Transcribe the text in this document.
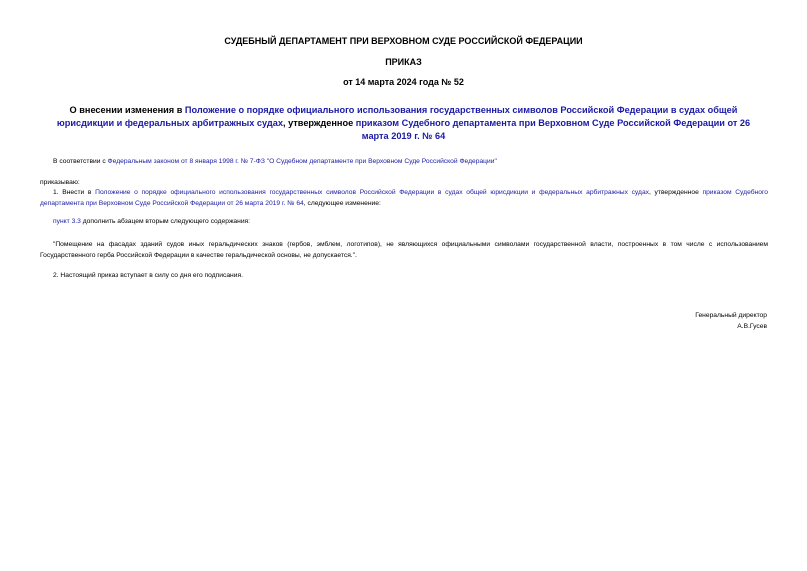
СУДЕБНЫЙ ДЕПАРТАМЕНТ ПРИ ВЕРХОВНОМ СУДЕ РОССИЙСКОЙ ФЕДЕРАЦИИ
ПРИКАЗ
от 14 марта 2024 года № 52
О внесении изменения в Положение о порядке официального использования государственных символов Российской Федерации в судах общей юрисдикции и федеральных арбитражных судах, утвержденное приказом Судебного департамента при Верховном Суде Российской Федерации от 26 марта 2019 г. № 64
В соответствии с Федеральным законом от 8 января 1998 г. № 7-ФЗ "О Судебном департаменте при Верховном Суде Российской Федерации"
приказываю:
1. Внести в Положение о порядке официального использования государственных символов Российской Федерации в судах общей юрисдикции и федеральных арбитражных судах, утвержденное приказом Судебного департамента при Верховном Суде Российской Федерации от 26 марта 2019 г. № 64, следующее изменение:
пункт 3.3 дополнить абзацем вторым следующего содержания:
"Помещение на фасадах зданий судов иных геральдических знаков (гербов, эмблем, логотипов), не являющихся официальными символами государственной власти, построенных в том числе с использованием Государственного герба Российской Федерации в качестве геральдической основы, не допускается.".
2. Настоящий приказ вступает в силу со дня его подписания.
Генеральный директор
А.В.Гусев
